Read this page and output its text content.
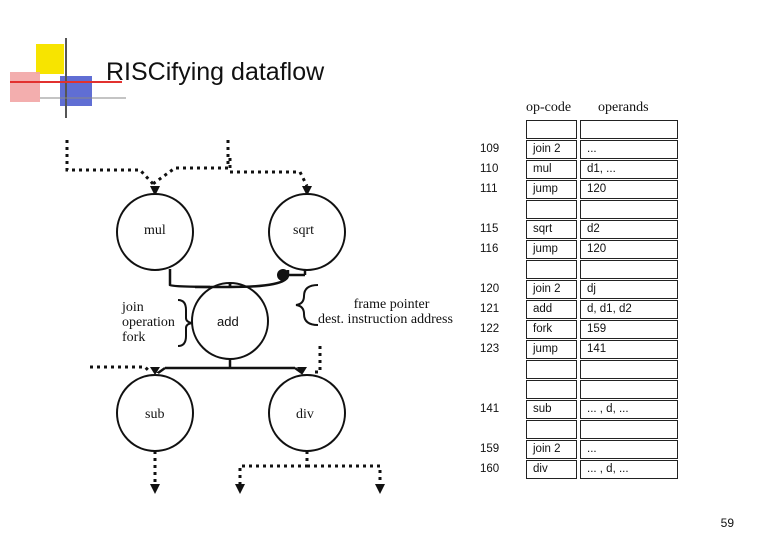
RISCifying dataflow
mul	sqrt
add
sub	div
join
operation
fork
frame pointer
dest. instruction address
op-code operands
109	join 2	...
110	mul	d1, ...
111	jump	120
115	sqrt	d2
116	jump	120
120	join 2	dj
121	add	d, d1, d2
122	fork	159
123	jump	141
141	sub	... , d, ...
159	join 2	...
160	div	... , d, ...
59
